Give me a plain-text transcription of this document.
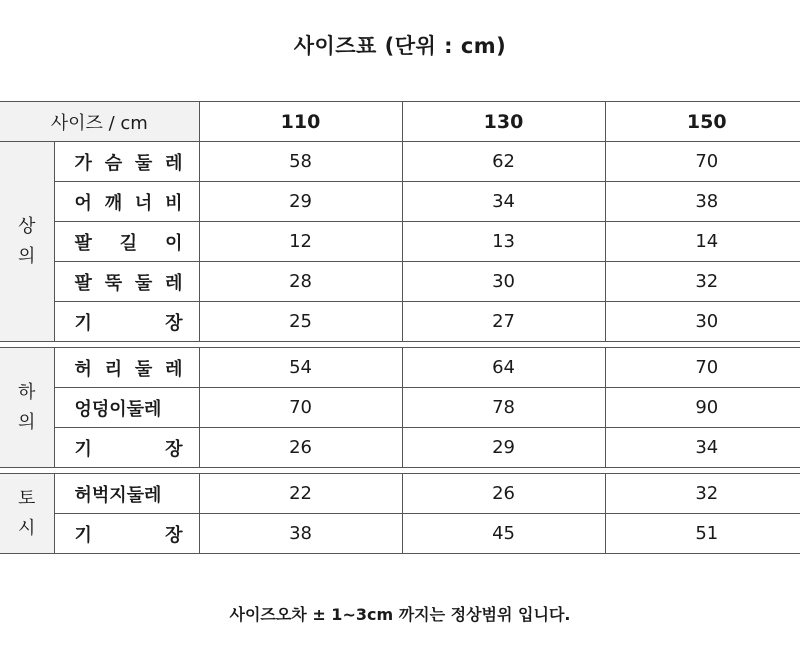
사이즈표 (단위 : cm)
사이즈 / cm		110	130	150
상
의	가 슴 둘 레	58	62	70
	어 깨 너 비	29	34	38
	팔 길 이	12	13	14
	팔 뚝 둘 레	28	30	32
	기 장	25	27	30

하
의	허 리 둘 레	54	64	70
	엉덩이둘레	70	78	90
	기 장	26	29	34

토
시	허벅지둘레	22	26	32
	기 장	38	45	51
사이즈오차 ± 1~3cm 까지는 정상범위 입니다.
